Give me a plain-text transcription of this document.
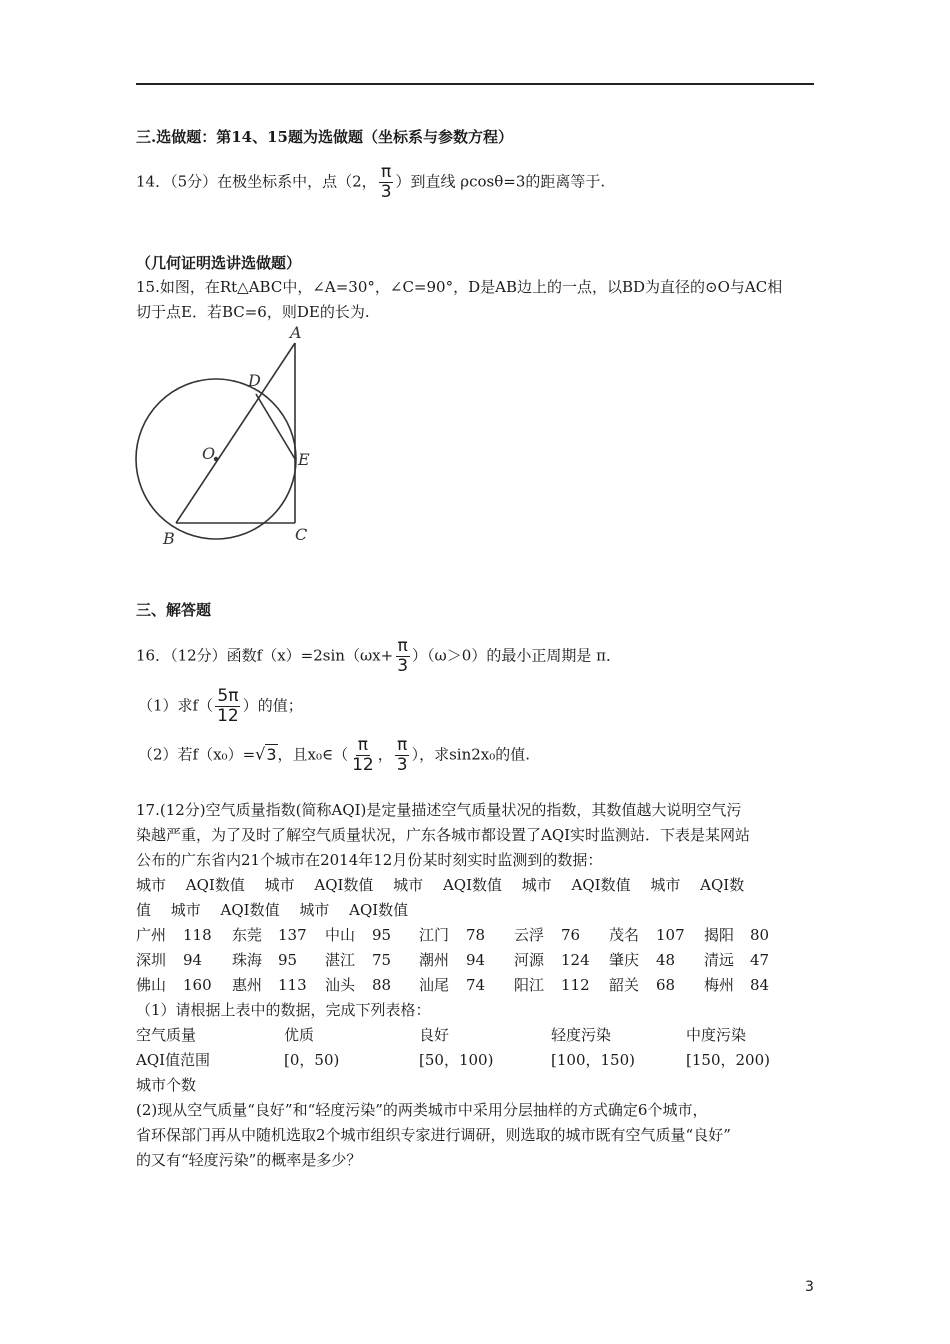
三.选做题：第14、15题为选做题（坐标系与参数方程）
14．（5分）在极坐标系中，点（2， $\frac{\pi}{3}$ ）到直线 ρcosθ=3的距离等于.
（几何证明选讲选做题）
15.如图，在Rt△ABC中，∠A=30°，∠C=90°，D是AB边上的一点，以BD为直径的⊙O与AC相
切于点E．若BC=6，则DE的长为.
A
D
O	E
B	C
三、解答题
16．（12分）函数$f(x)=2\sin(\omega x+ \frac{\pi}{3} )(\omega>0)$的最小正周期是 π．
（1）求$f( \frac{5\pi}{12}$ ）的值；
（2）若f（x₀）=√3，且x₀∈（ $\frac{\pi}{12}$ ， $\frac{\pi}{3}$ ），求sin2x₀的值.
17.(12分)空气质量指数(简称AQI)是定量描述空气质量状况的指数，其数值越大说明空气污
染越严重，为了及时了解空气质量状况，广东各城市都设置了AQI实时监测站．下表是某网站
公布的广东省内21个城市在2014年12月份某时刻实时监测到的数据：
城市　 AQI数值　 城市　 AQI数值　 城市　 AQI数值　 城市　 AQI数值　 城市　 AQI数
值　 城市　 AQI数值　 城市　 AQI数值
广州 118 东莞 137 中山 95 江门 78 云浮 76 茂名 107 揭阳 80
深圳 94 珠海 95 湛江 75 潮州 94 河源 124 肇庆 48 清远 47
佛山 160 惠州 113 汕头 88 汕尾 74 阳江 112 韶关 68 梅州 84
（1）请根据上表中的数据，完成下列表格：
空气质量	优质	良好	轻度污染	中度污染
AQI值范围	[0，50)	[50，100)	[100，150)	[150，200)
城市个数
(2)现从空气质量“良好”和“轻度污染”的两类城市中采用分层抽样的方式确定6个城市，
省环保部门再从中随机选取2个城市组织专家进行调研，则选取的城市既有空气质量“良好”
的又有“轻度污染”的概率是多少？
3
